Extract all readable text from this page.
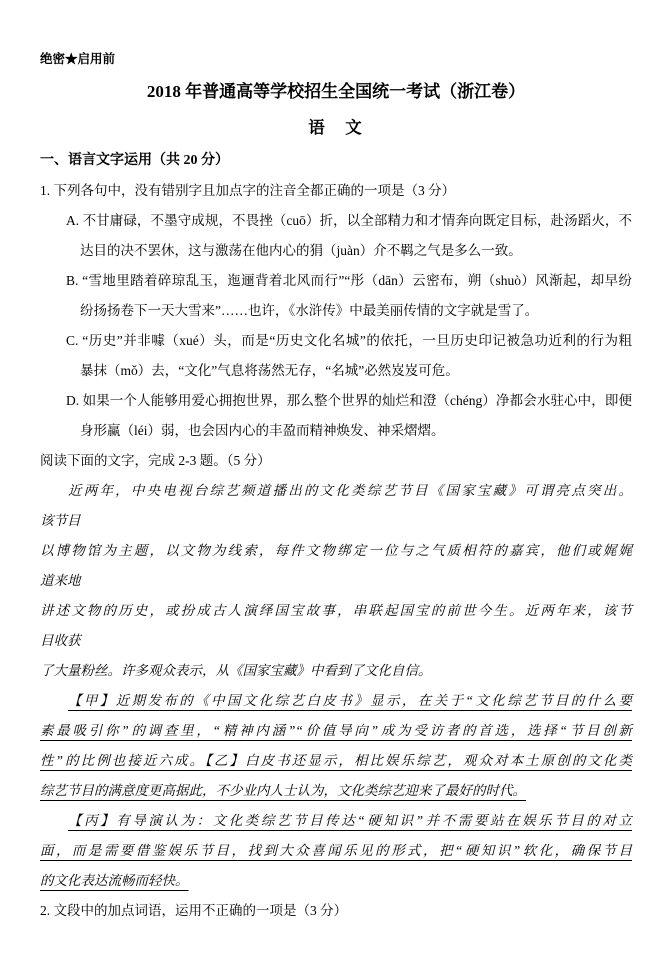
绝密★启用前
2018 年普通高等学校招生全国统一考试（浙江卷）
语　文
一、语言文字运用（共 20 分）
1. 下列各句中，没有错别字且加点字的注音全都正确的一项是（3 分）
A. 不甘庸碌，不墨守成规，不畏挫（cuō）折，以全部精力和才情奔向既定目标，赴汤蹈火，不
达目的决不罢休，这与激荡在他内心的狷（juàn）介不羁之气是多么一致。
B. “雪地里踏着碎琼乱玉，迤逦背着北风而行”“彤（dān）云密布，朔（shuò）风渐起，却早纷
纷扬扬卷下一天大雪来”……也许，《水浒传》中最美丽传情的文字就是雪了。
C. “历史”并非噱（xué）头，而是“历史文化名城”的依托，一旦历史印记被急功近利的行为粗
暴抹（mǒ）去，“文化”气息将荡然无存，“名城”必然岌岌可危。
D. 如果一个人能够用爱心拥抱世界，那么整个世界的灿烂和澄（chéng）净都会水驻心中，即便
身形赢（léi）弱，也会因内心的丰盈而精神焕发、神采熠熠。
阅读下面的文字，完成 2-3 题。（5 分）
近两年，中央电视台综艺频道播出的文化类综艺节目《国家宝藏》可谓亮点突出。
该节目
以博物馆为主题，以文物为线索，每件文物绑定一位与之气质相符的嘉宾，他们或娓娓
道来地
讲述文物的历史，或扮成古人演绎国宝故事，串联起国宝的前世今生。近两年来，该节
目收获
了大量粉丝。许多观众表示，从《国家宝藏》中看到了文化自信。
【甲】近期发布的《中国文化综艺白皮书》显示，在关于“文化综艺节目的什么要
素最吸引你”的调查里，“精神内涵”“价值导向”成为受访者的首选，选择“节目创新
性”的比例也接近六成。【乙】白皮书还显示，相比娱乐综艺，观众对本土原创的文化类
综艺节目的满意度更高据此，不少业内人士认为，文化类综艺迎来了最好的时代。
【丙】有导演认为：文化类综艺节目传达“硬知识”并不需要站在娱乐节目的对立
面，而是需要借鉴娱乐节目，找到大众喜闻乐见的形式，把“硬知识”软化，确保节目
的文化表达流畅而轻快。
2. 文段中的加点词语，运用不正确的一项是（3 分）
